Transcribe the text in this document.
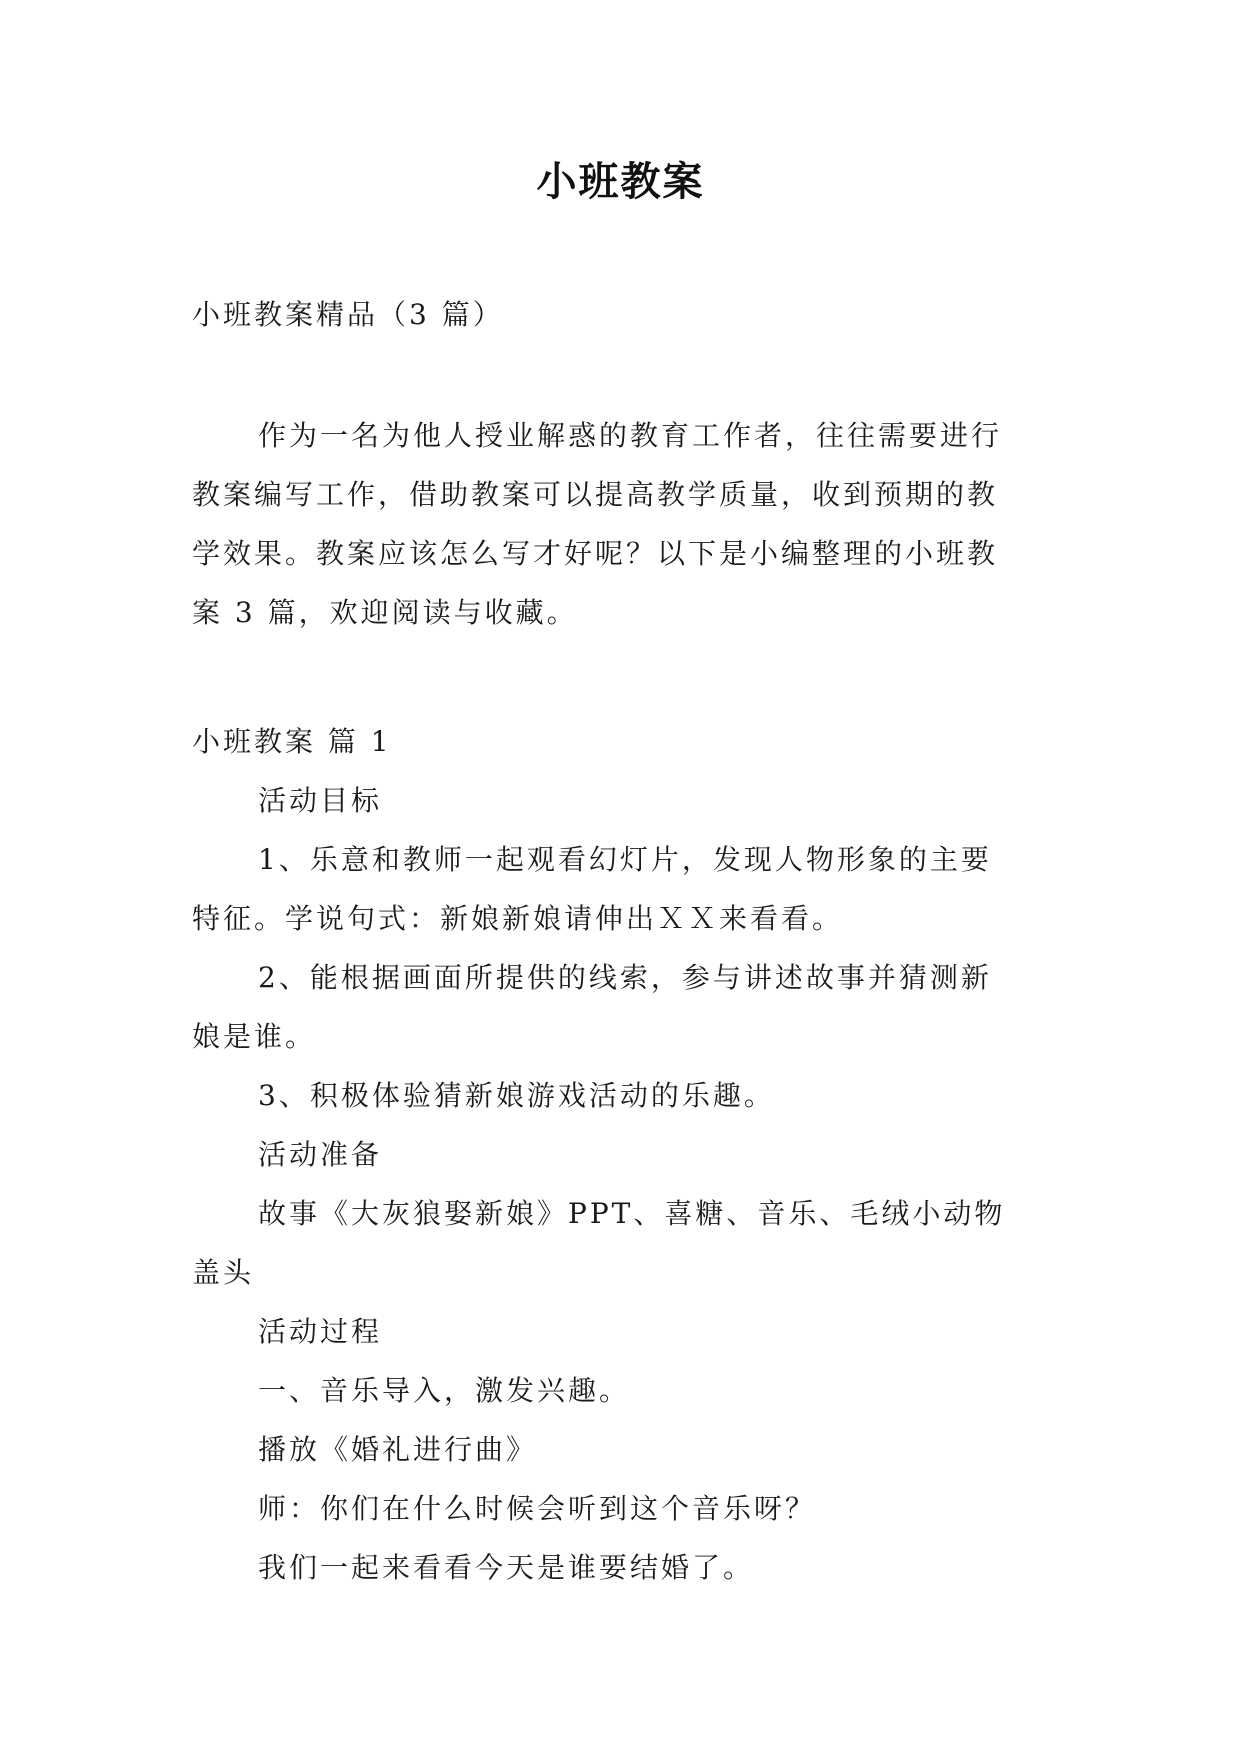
小班教案

小班教案精品（3 篇）

作为一名为他人授业解惑的教育工作者，往往需要进行

教案编写工作，借助教案可以提高教学质量，收到预期的教

学效果。教案应该怎么写才好呢？以下是小编整理的小班教

案 3 篇，欢迎阅读与收藏。

小班教案 篇 1

活动目标

1、乐意和教师一起观看幻灯片，发现人物形象的主要

特征。学说句式：新娘新娘请伸出ＸＸ来看看。

2、能根据画面所提供的线索，参与讲述故事并猜测新

娘是谁。

3、积极体验猜新娘游戏活动的乐趣。

活动准备

故事《大灰狼娶新娘》PPT、喜糖、音乐、毛绒小动物

盖头

活动过程

一、音乐导入，激发兴趣。

播放《婚礼进行曲》

师：你们在什么时候会听到这个音乐呀？

我们一起来看看今天是谁要结婚了。
